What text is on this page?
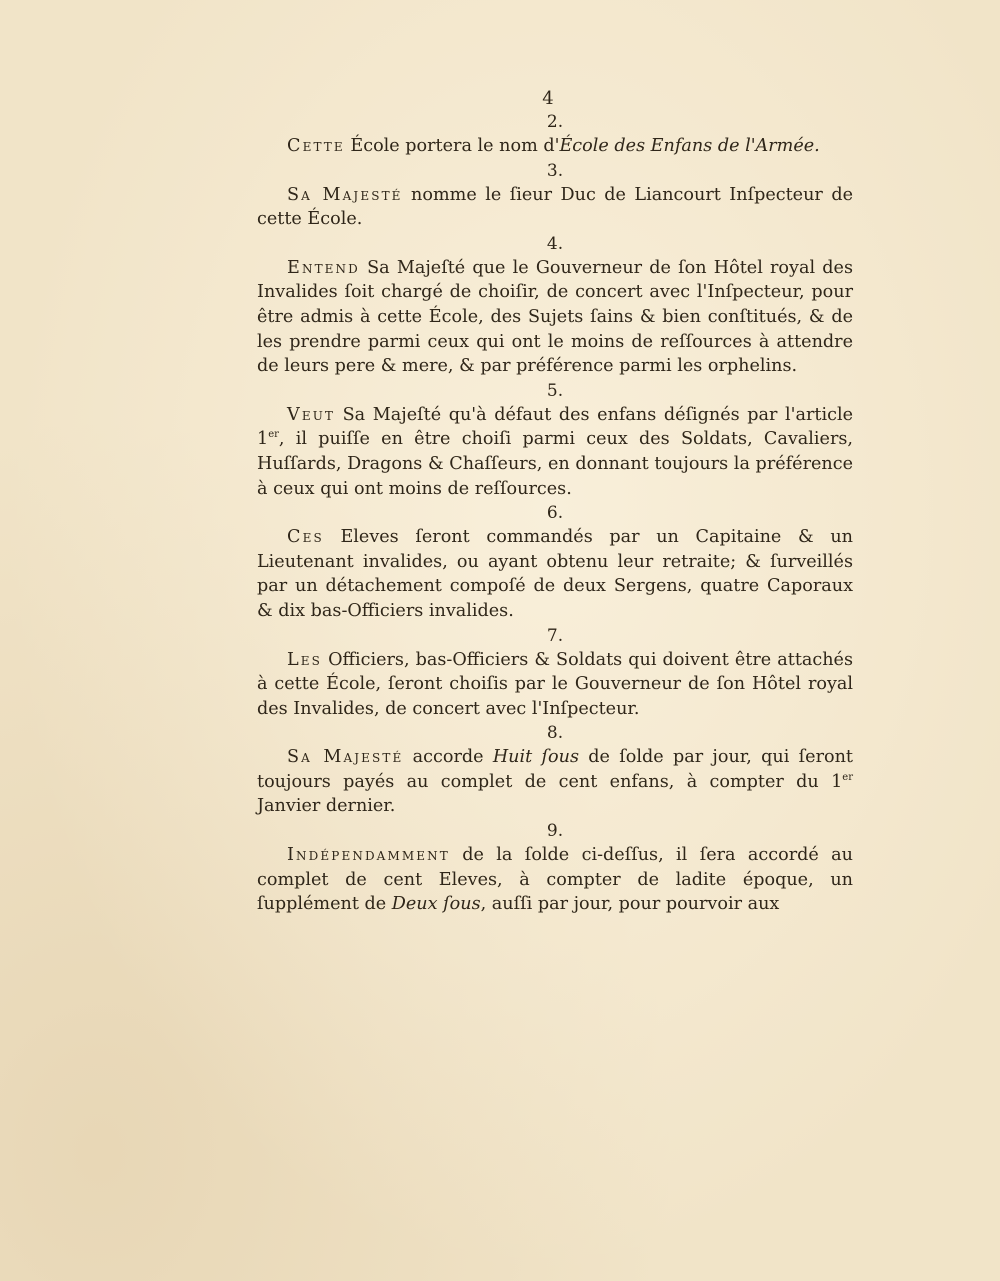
4
2.

Cette École portera le nom d'École des Enfans de l'Armée.

3.

Sa Majesté nomme le ſieur Duc de Liancourt Inſpecteur de cette École.

4.

Entend Sa Majeſté que le Gouverneur de ſon Hôtel royal des Invalides ſoit chargé de choiſir, de concert avec l'Inſpecteur, pour être admis à cette École, des Sujets ſains & bien conſtitués, & de les prendre parmi ceux qui ont le moins de reſſources à attendre de leurs pere & mere, & par préférence parmi les orphelins.

5.

Veut Sa Majeſté qu'à défaut des enfans déſignés par l'article 1er, il puiſſe en être choiſi parmi ceux des Soldats, Cavaliers, Huſſards, Dragons & Chaſſeurs, en donnant toujours la préférence à ceux qui ont moins de reſſources.

6.

Ces Eleves ſeront commandés par un Capitaine & un Lieutenant invalides, ou ayant obtenu leur retraite; & ſurveillés par un détachement compoſé de deux Sergens, quatre Caporaux & dix bas-Officiers invalides.

7.

Les Officiers, bas-Officiers & Soldats qui doivent être attachés à cette École, ſeront choiſis par le Gouverneur de ſon Hôtel royal des Invalides, de concert avec l'Inſpecteur.

8.

Sa Majesté accorde Huit ſous de ſolde par jour, qui ſeront toujours payés au complet de cent enfans, à compter du 1er Janvier dernier.

9.

Indépendamment de la ſolde ci-deſſus, il ſera accordé au complet de cent Eleves, à compter de ladite époque, un ſupplément de Deux ſous, auſſi par jour, pour pourvoir aux
